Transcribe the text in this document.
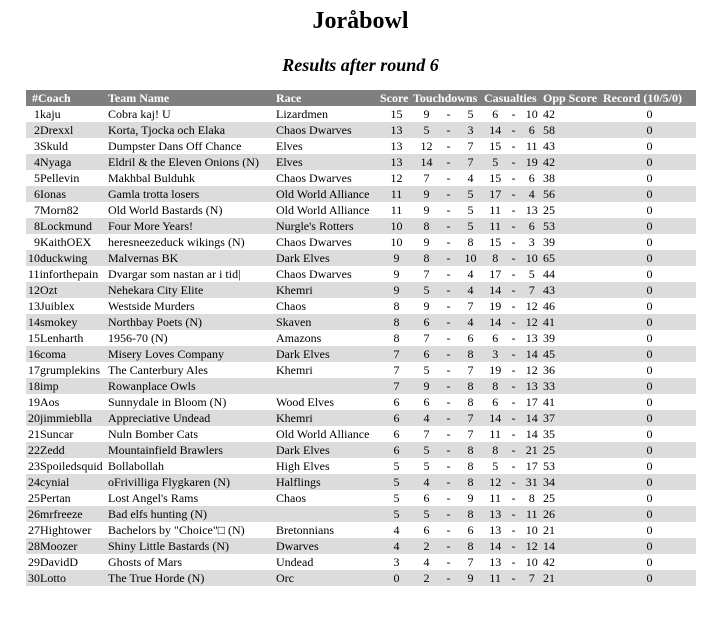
Joråbowl
Results after round 6
#Coach	Team Name	Race	Score	Touchdowns	Casualties	Opp Score	Record (10/5/0)
1kaju	Cobra kaj! U	Lizardmen	15	9 - 5	6 - 10	42	0
2Drexxl	Korta, Tjocka och Elaka	Chaos Dwarves	13	5 - 3	14 - 6	58	0
3Skuld	Dumpster Dans Off Chance	Elves	13	12 - 7	15 - 11	43	0
4Nyaga	Eldril & the Eleven Onions (N)	Elves	13	14 - 7	5 - 19	42	0
5Pellevin	Makhbal Bulduhk	Chaos Dwarves	12	7 - 4	15 - 6	38	0
6Ionas	Gamla trotta losers	Old World Alliance	11	9 - 5	17 - 4	56	0
7Morn82	Old World Bastards (N)	Old World Alliance	11	9 - 5	11 - 13	25	0
8Lockmund	Four More Years!	Nurgle's Rotters	10	8 - 5	11 - 6	53	0
9KaithOEX	heresneezeduck wikings (N)	Chaos Dwarves	10	9 - 8	15 - 3	39	0
10duckwing	Malvernas BK	Dark Elves	9	8 - 10	8 - 10	65	0
11inforthepain	Dvargar som nastan ar i tid|	Chaos Dwarves	9	7 - 4	17 - 5	44	0
12Ozt	Nehekara City Elite	Khemri	9	5 - 4	14 - 7	43	0
13Juiblex	Westside Murders	Chaos	8	9 - 7	19 - 12	46	0
14smokey	Northbay Poets (N)	Skaven	8	6 - 4	14 - 12	41	0
15Lenharth	1956-70 (N)	Amazons	8	7 - 6	6 - 13	39	0
16coma	Misery Loves Company	Dark Elves	7	6 - 8	3 - 14	45	0
17grumplekins	The Canterbury Ales	Khemri	7	5 - 7	19 - 12	36	0
18imp	Rowanplace Owls		7	9 - 8	8 - 13	33	0
19Aos	Sunnydale in Bloom (N)	Wood Elves	6	6 - 8	6 - 17	41	0
20jimmieblla	Appreciative Undead	Khemri	6	4 - 7	14 - 14	37	0
21Suncar	Nuln Bomber Cats	Old World Alliance	6	7 - 7	11 - 14	35	0
22Zedd	Mountainfield Brawlers	Dark Elves	6	5 - 8	8 - 21	25	0
23Spoiledsquid	Bollabollah	High Elves	5	5 - 8	5 - 17	53	0
24cynial	oFrivilliga Flygkaren (N)	Halflings	5	4 - 8	12 - 31	34	0
25Pertan	Lost Angel's Rams	Chaos	5	6 - 9	11 - 8	25	0
26mrfreeze	Bad elfs hunting (N)		5	5 - 8	13 - 11	26	0
27Hightower	Bachelors by "Choice"□ (N)	Bretonnians	4	6 - 6	13 - 10	21	0
28Moozer	Shiny Little Bastards (N)	Dwarves	4	2 - 8	14 - 12	14	0
29DavidD	Ghosts of Mars	Undead	3	4 - 7	13 - 10	42	0
30Lotto	The True Horde (N)	Orc	0	2 - 9	11 - 7	21	0
